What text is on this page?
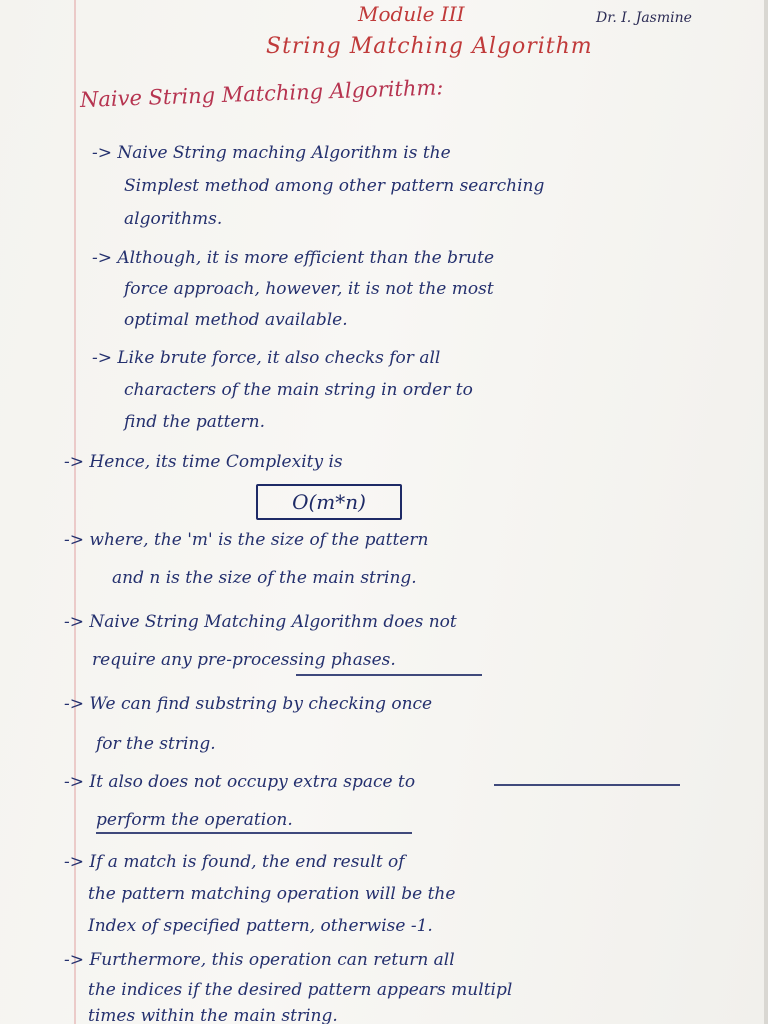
Module III	Dr. I. Jasmine
String Matching Algorithm
Naive String Matching Algorithm:
-> Naive String maching Algorithm is the
Simplest method among other pattern searching
algorithms.
-> Although, it is more efficient than the brute
force approach, however, it is not the most
optimal method available.
-> Like brute force, it also checks for all
characters of the main string in order to
find the pattern.
-> Hence, its time Complexity is
O(m*n)
-> where, the 'm' is the size of the pattern
and n is the size of the main string.
-> Naive String Matching Algorithm does not
require any pre-processing phases.
-> We can find substring by checking once
for the string.
-> It also does not occupy extra space to
perform the operation.
-> If a match is found, the end result of
the pattern matching operation will be the
Index of specified pattern, otherwise -1.
-> Furthermore, this operation can return all
the indices if the desired pattern appears multipl
times within the main string.
